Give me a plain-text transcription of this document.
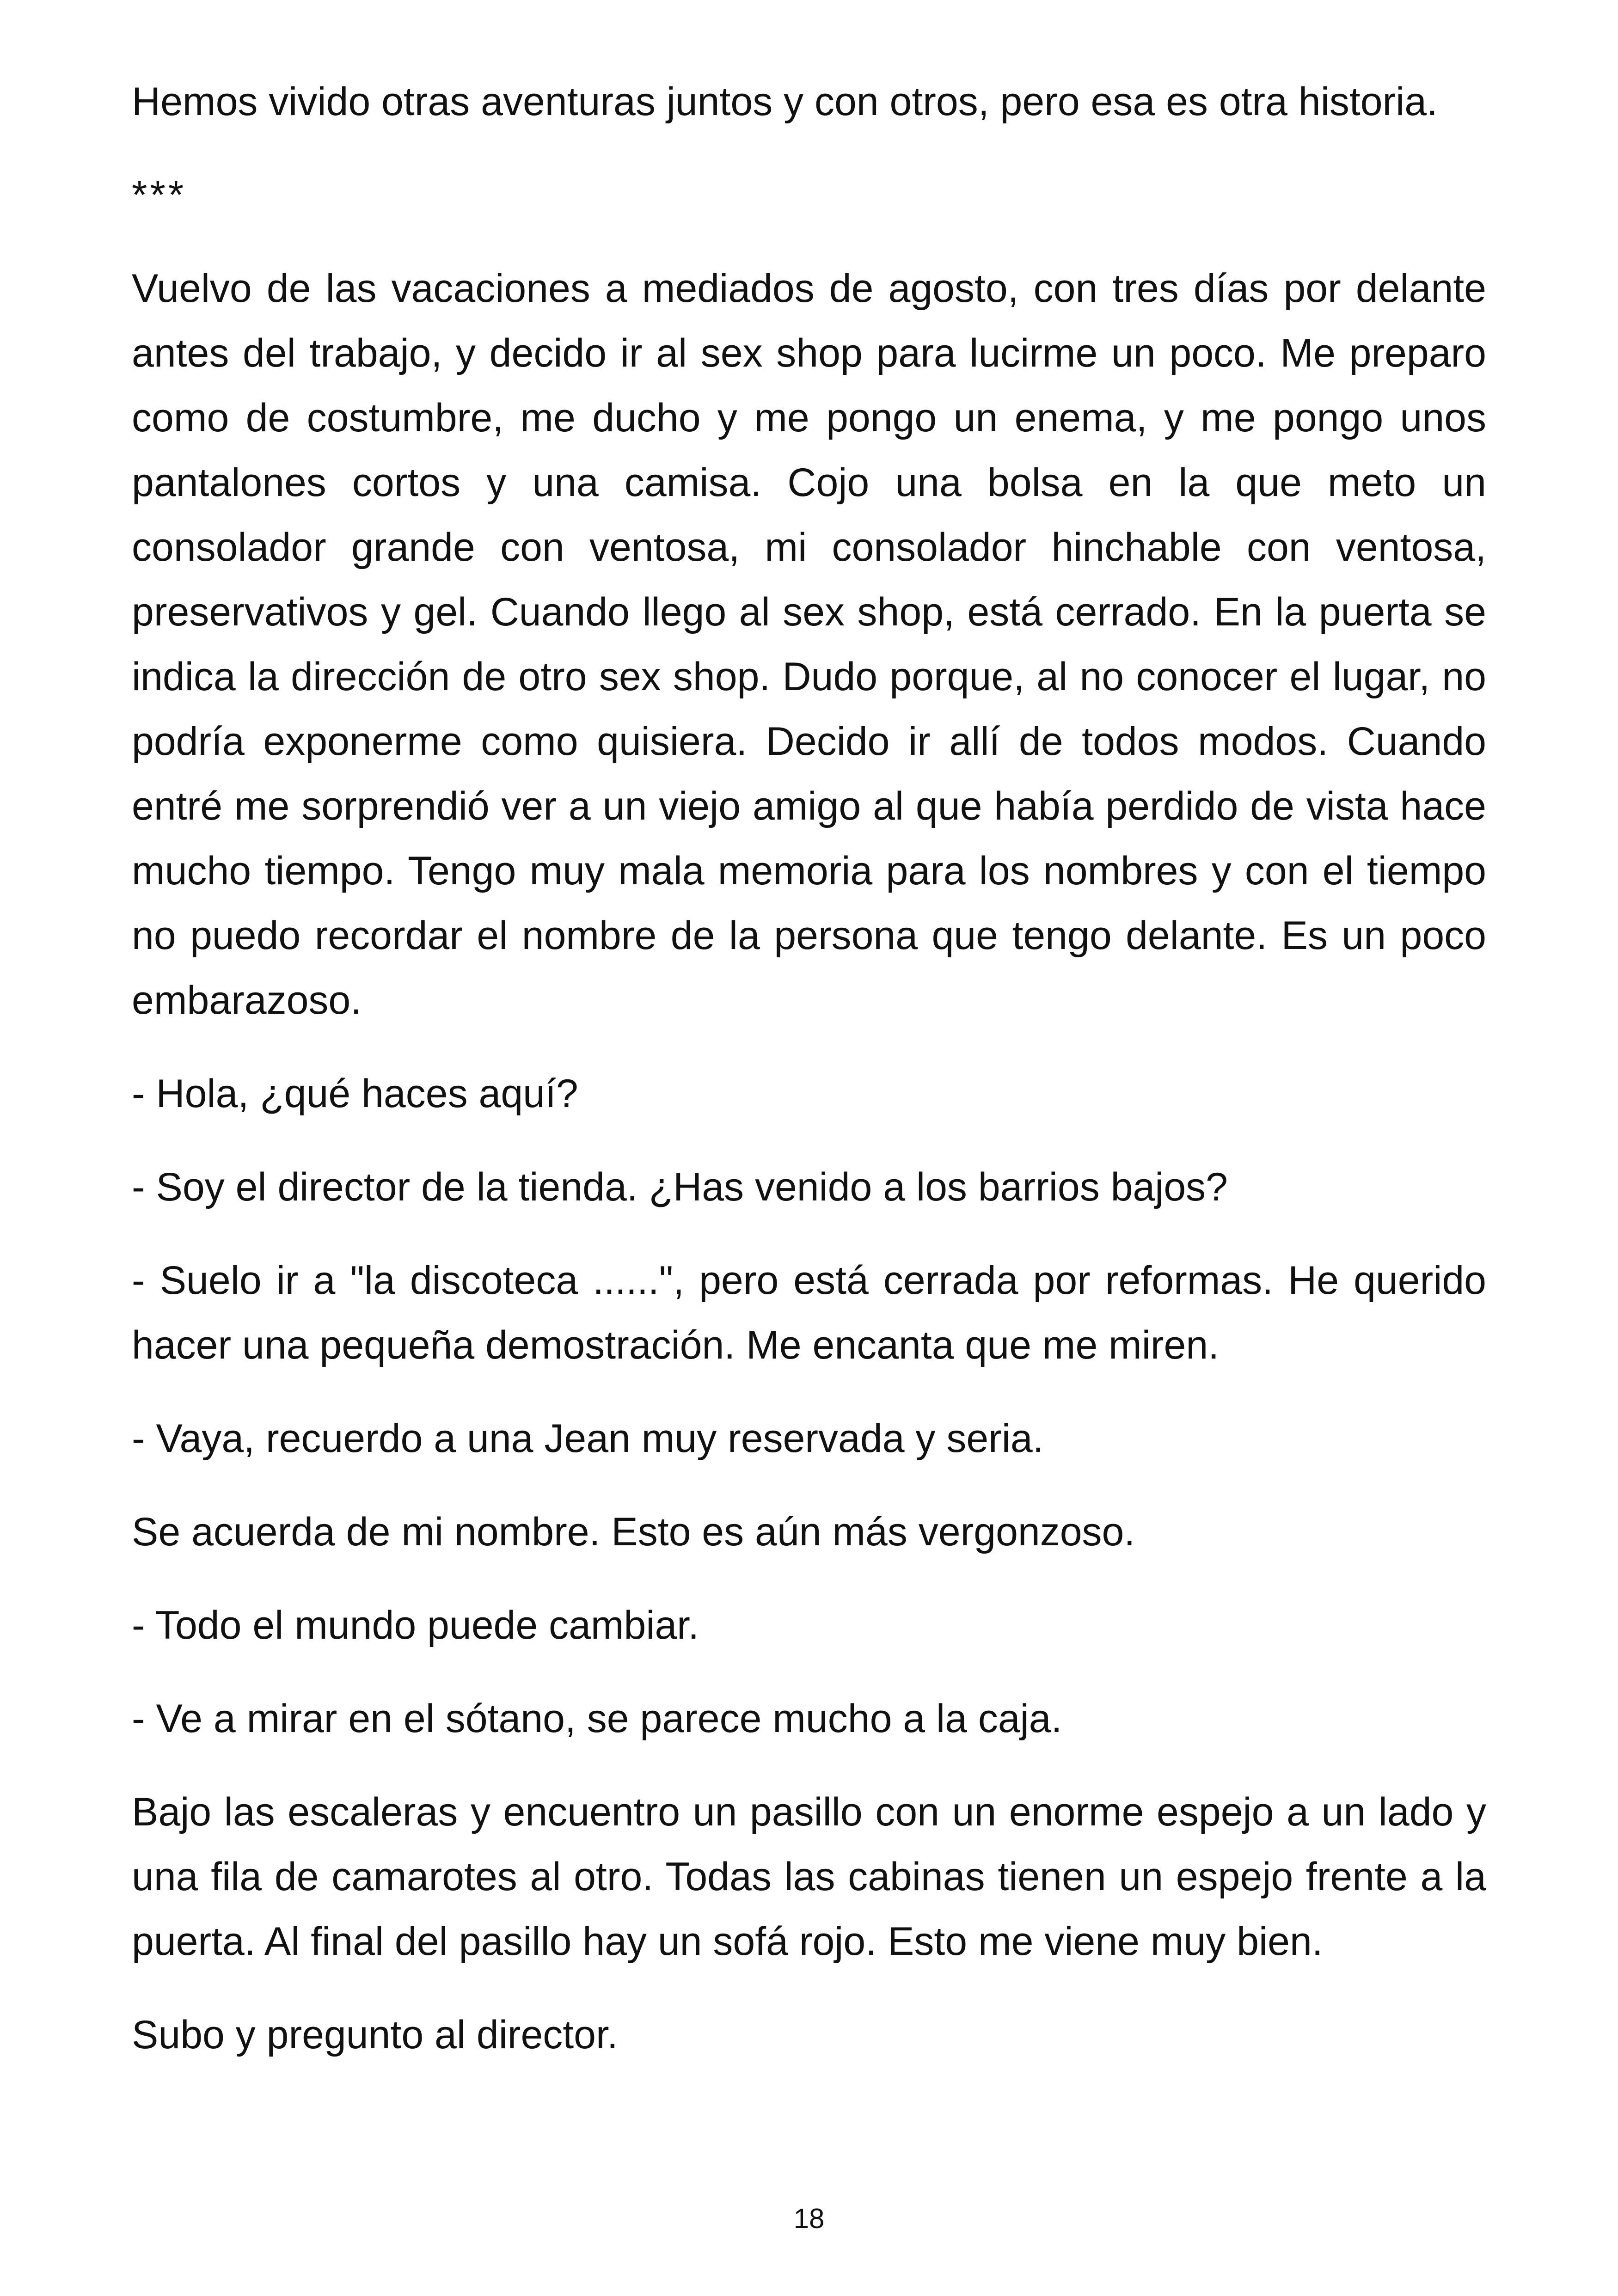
Hemos vivido otras aventuras juntos y con otros, pero esa es otra historia.

***

Vuelvo de las vacaciones a mediados de agosto, con tres días por delante antes del trabajo, y decido ir al sex shop para lucirme un poco. Me preparo como de costumbre, me ducho y me pongo un enema, y me pongo unos pantalones cortos y una camisa. Cojo una bolsa en la que meto un consolador grande con ventosa, mi consolador hinchable con ventosa, preservativos y gel. Cuando llego al sex shop, está cerrado. En la puerta se indica la dirección de otro sex shop. Dudo porque, al no conocer el lugar, no podría exponerme como quisiera. Decido ir allí de todos modos. Cuando entré me sorprendió ver a un viejo amigo al que había perdido de vista hace mucho tiempo. Tengo muy mala memoria para los nombres y con el tiempo no puedo recordar el nombre de la persona que tengo delante. Es un poco embarazoso.

- Hola, ¿qué haces aquí?

- Soy el director de la tienda. ¿Has venido a los barrios bajos?

- Suelo ir a "la discoteca ......", pero está cerrada por reformas. He querido hacer una pequeña demostración. Me encanta que me miren.

- Vaya, recuerdo a una Jean muy reservada y seria.

Se acuerda de mi nombre. Esto es aún más vergonzoso.

- Todo el mundo puede cambiar.

- Ve a mirar en el sótano, se parece mucho a la caja.

Bajo las escaleras y encuentro un pasillo con un enorme espejo a un lado y una fila de camarotes al otro. Todas las cabinas tienen un espejo frente a la puerta. Al final del pasillo hay un sofá rojo. Esto me viene muy bien.

Subo y pregunto al director.

18
